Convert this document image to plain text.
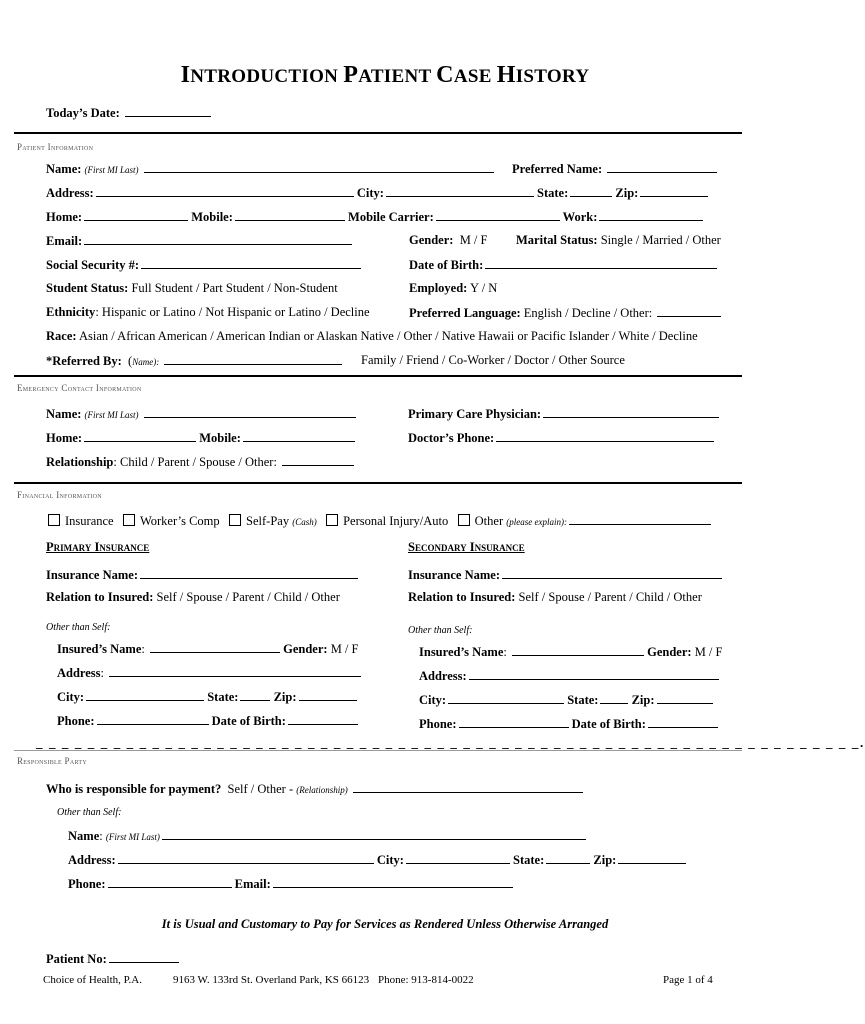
INTRODUCTION PATIENT CASE HISTORY
Today’s Date:
Patient Information
Name: (First MI Last)	Preferred Name:
Address:	City:	State:	Zip:
Home:	Mobile:	Mobile Carrier:	Work:
Email:	Gender: M / F Marital Status: Single / Married / Other
Social Security #:	Date of Birth:
Student Status: Full Student / Part Student / Non-Student	Employed: Y / N
Ethnicity: Hispanic or Latino / Not Hispanic or Latino / Decline	Preferred Language: English / Decline / Other:
Race: Asian / African American / American Indian or Alaskan Native / Other / Native Hawaii or Pacific Islander / White / Decline
*Referred By: (Name):	Family / Friend / Co-Worker / Doctor / Other Source
Emergency Contact Information
Name: (First MI Last)	Primary Care Physician:
Home:	Mobile:	Doctor’s Phone:
Relationship: Child / Parent / Spouse / Other:
Financial Information
Insurance Worker’s Comp Self-Pay (Cash) Personal Injury/Auto Other (please explain):
Primary Insurance	Secondary Insurance
Insurance Name:
Relation to Insured: Self / Spouse / Parent / Child / Other
Other than Self:
Insured’s Name:	Gender: M / F
Address:
City:	State:	Zip:
Phone:	Date of Birth:
Insurance Name:
Relation to Insured: Self / Spouse / Parent / Child / Other
Other than Self:
Insured’s Name:	Gender: M / F
Address:
City:	State:	Zip:
Phone:	Date of Birth:
_ _ _ _ _ _ _ _ _ _ _ _ _ _ _ _ _ _ _ _ _ _ _ _ _ _ _ _ _ _ _ _ _ _ _ _ _ _ _ _ _ _ _ _ _ _ _ _ _ _ _ _ _ _ _ _ _ _ _ _ _ _ _ _.
Responsible Party
Who is responsible for payment? Self / Other - (Relationship)
Other than Self:
Name: (First MI Last)
Address:	City:	State:	Zip:
Phone:	Email:
It is Usual and Customary to Pay for Services as Rendered Unless Otherwise Arranged
Patient No:
Choice of Health, P.A.	9163 W. 133rd St. Overland Park, KS 66123 Phone: 913-814-0022	Page 1 of 4
